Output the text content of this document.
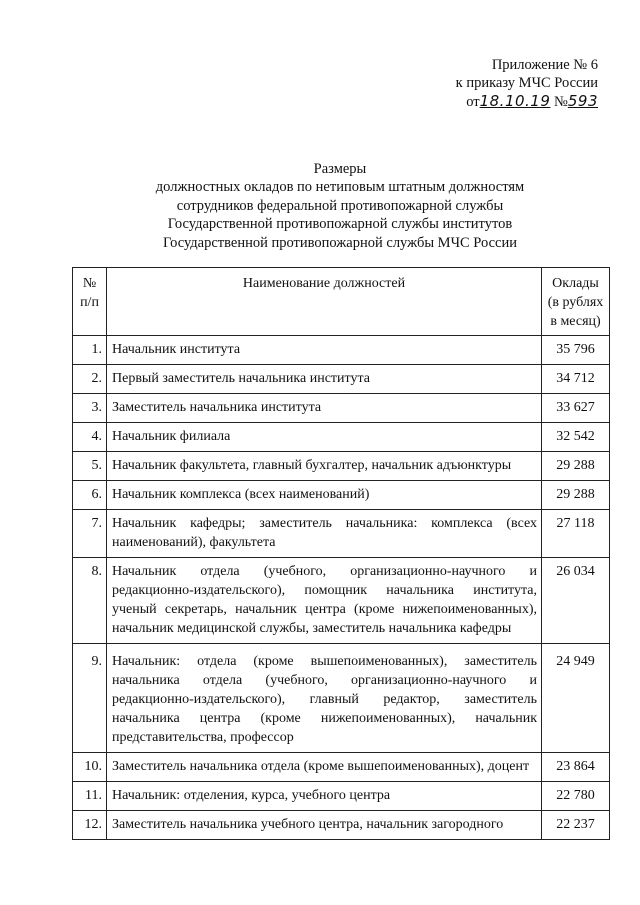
Приложение № 6
к приказу МЧС России
от18.10.19 №593
Размеры
должностных окладов по нетиповым штатным должностям
сотрудников федеральной противопожарной службы
Государственной противопожарной службы институтов
Государственной противопожарной службы МЧС России
№ п/п	Наименование должностей	Оклады (в рублях в месяц)
1.	Начальник института	35 796
2.	Первый заместитель начальника института	34 712
3.	Заместитель начальника института	33 627
4.	Начальник филиала	32 542
5.	Начальник факультета, главный бухгалтер, начальник адъюнктуры	29 288
6.	Начальник комплекса (всех наименований)	29 288
7.	Начальник кафедры; заместитель начальника: комплекса (всех наименований), факультета	27 118
8.	Начальник отдела (учебного, организационно-научного и редакционно-издательского), помощник начальника института, ученый секретарь, начальник центра (кроме нижепоименованных), начальник медицинской службы, заместитель начальника кафедры	26 034
9.	Начальник: отдела (кроме вышепоименованных), заместитель начальника отдела (учебного, организационно-научного и редакционно-издательского), главный редактор, заместитель начальника центра (кроме нижепоименованных), начальник представительства, профессор	24 949
10.	Заместитель начальника отдела (кроме вышепоименованных), доцент	23 864
11.	Начальник: отделения, курса, учебного центра	22 780
12.	Заместитель начальника учебного центра, начальник загородного	22 237
